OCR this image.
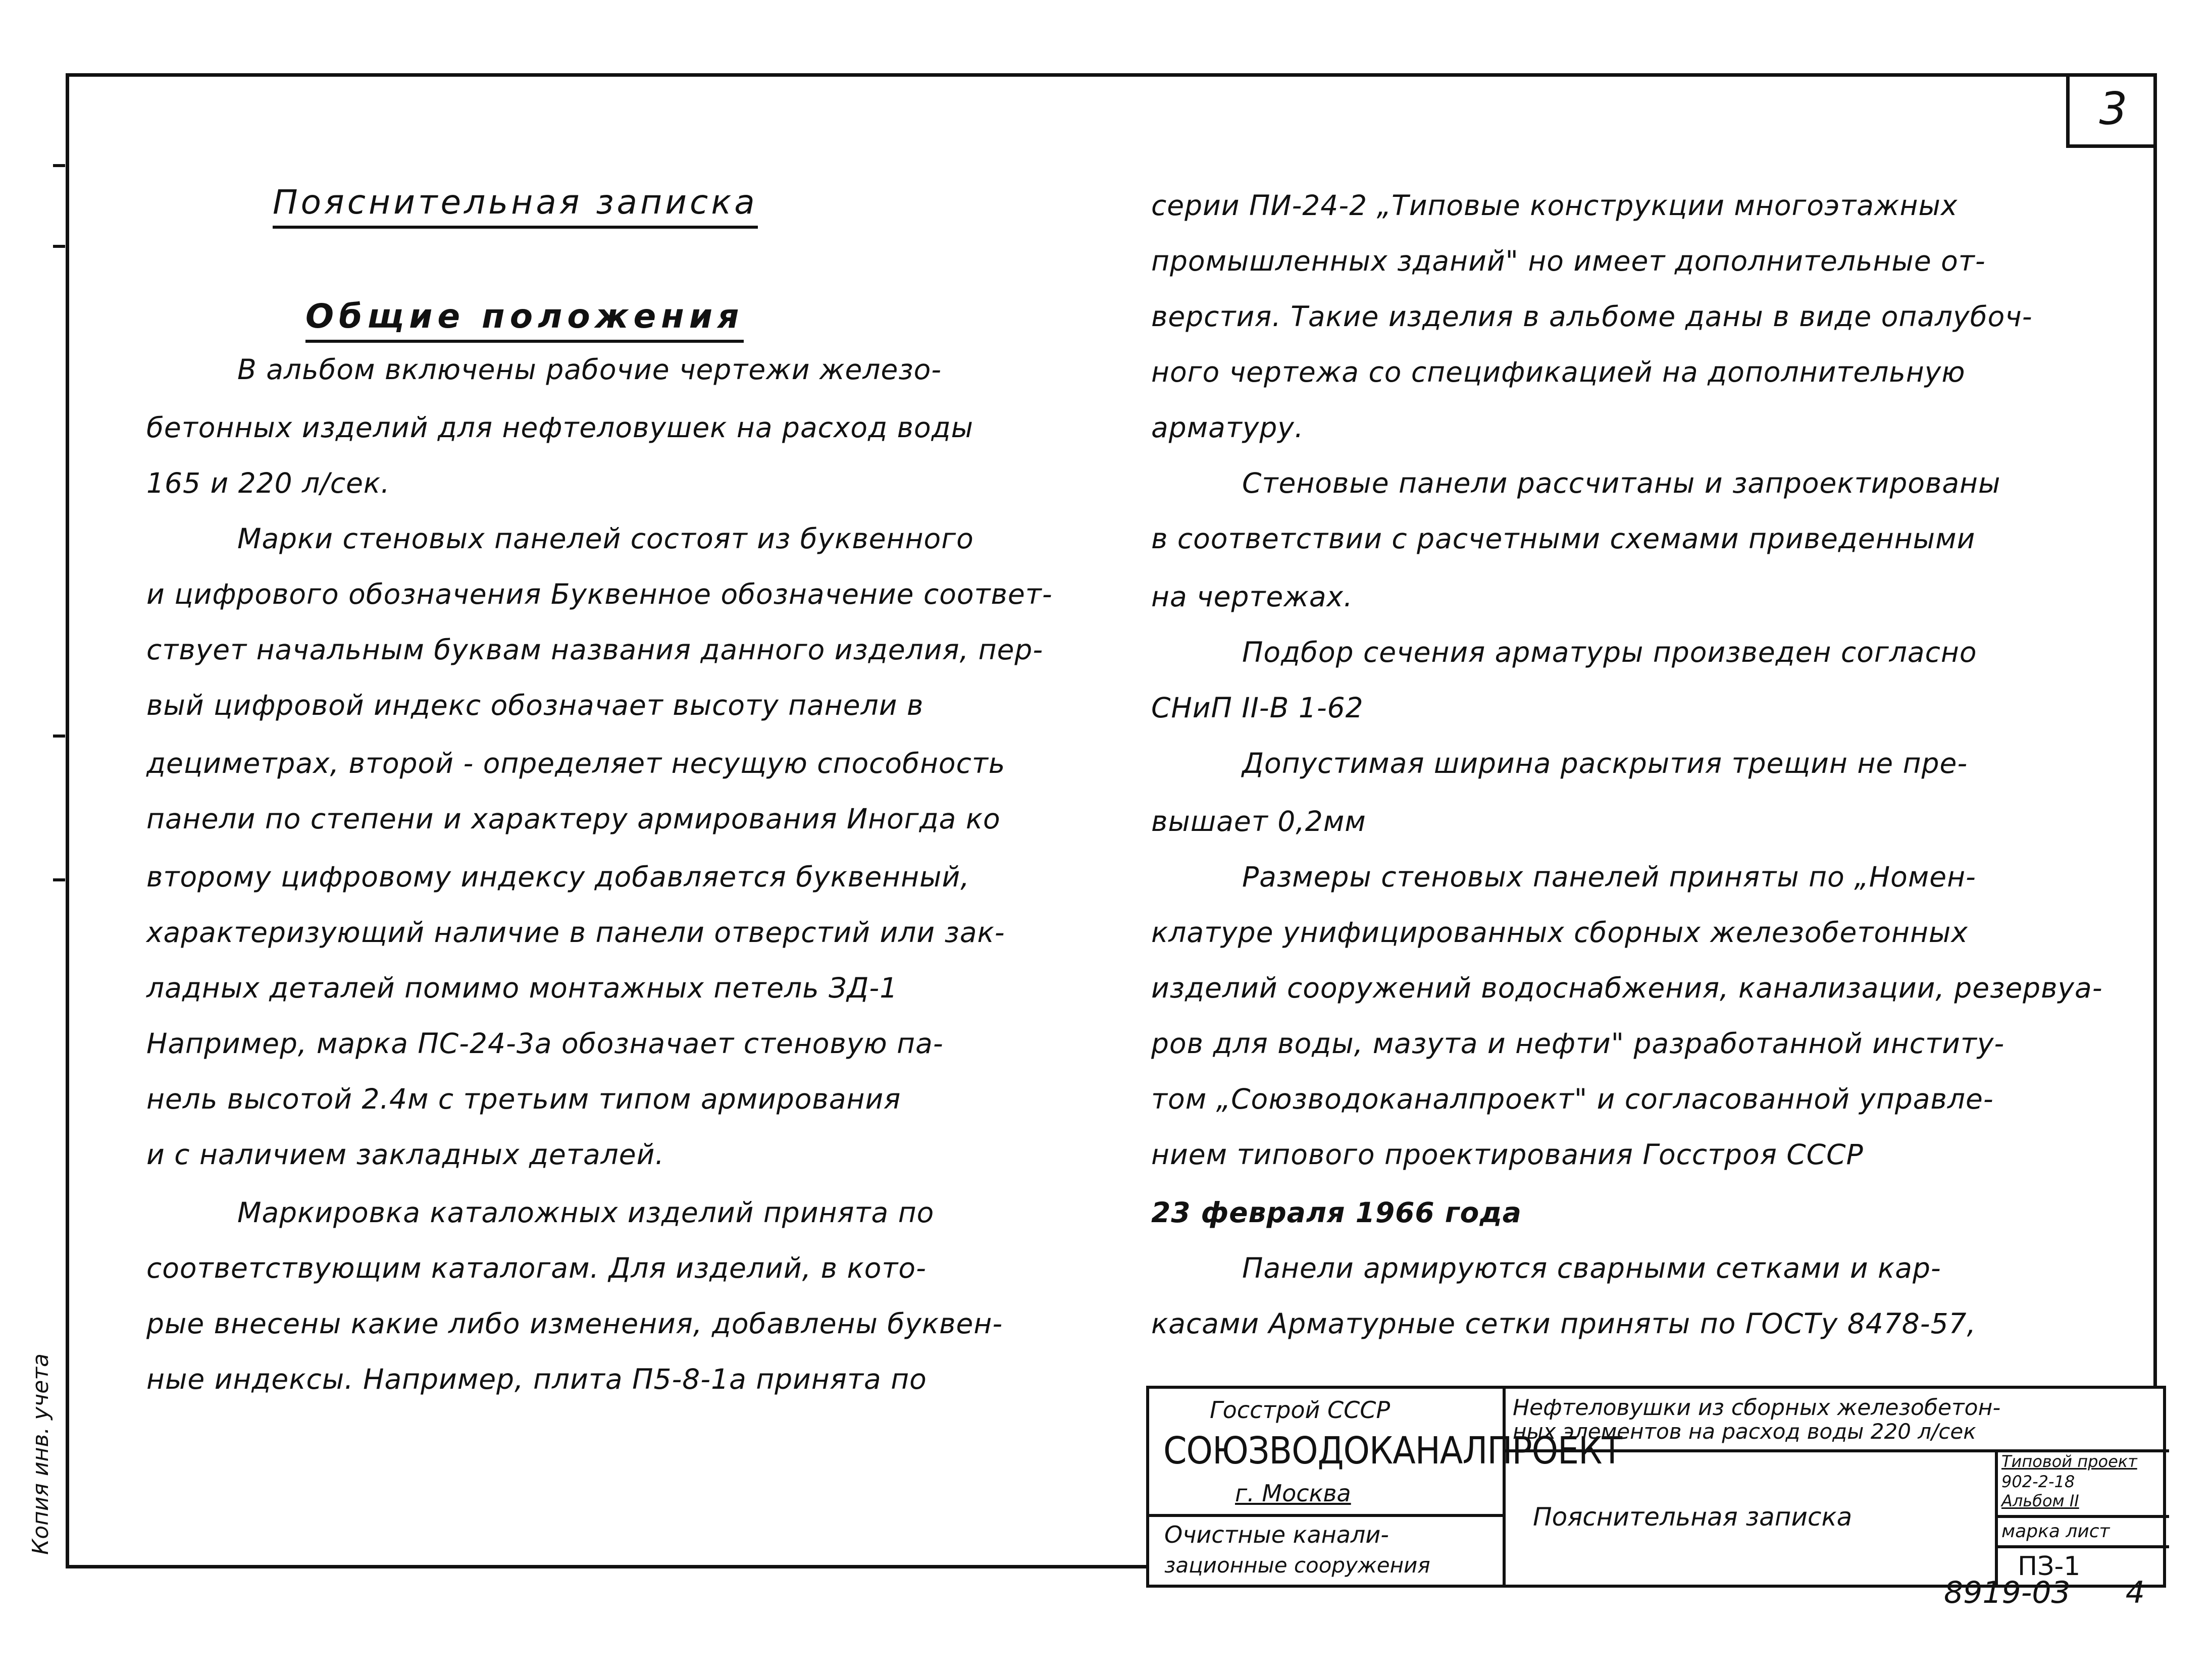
3
Пояснительная записка
Общие положения
В альбом включены рабочие чертежи железо-
бетонных изделий для нефтеловушек на расход воды
165 и 220 л/сек.
Марки стеновых панелей состоят из буквенного
и цифрового обозначения Буквенное обозначение соответ-
ствует начальным буквам названия данного изделия, пер-
вый цифровой индекс обозначает высоту панели в
дециметрах, второй - определяет несущую способность
панели по степени и характеру армирования Иногда ко
второму цифровому индексу добавляется буквенный,
характеризующий наличие в панели отверстий или зак-
ладных деталей помимо монтажных петель ЗД-1
Например, марка ПС-24-3а обозначает стеновую па-
нель высотой 2.4м с третьим типом армирования
и с наличием закладных деталей.
Маркировка каталожных изделий принята по
соответствующим каталогам. Для изделий, в кото-
рые внесены какие либо изменения, добавлены буквен-
ные индексы. Например, плита П5-8-1а принята по
серии ПИ-24-2 „Типовые конструкции многоэтажных
промышленных зданий" но имеет дополнительные от-
верстия. Такие изделия в альбоме даны в виде опалубоч-
ного чертежа со спецификацией на дополнительную
арматуру.
Стеновые панели рассчитаны и запроектированы
в соответствии с расчетными схемами приведенными
на чертежах.
Подбор сечения арматуры произведен согласно
СНиП II-В 1-62
Допустимая ширина раскрытия трещин не пре-
вышает 0,2мм
Размеры стеновых панелей приняты по „Номен-
клатуре унифицированных сборных железобетонных
изделий сооружений водоснабжения, канализации, резервуа-
ров для воды, мазута и нефти" разработанной институ-
том „Союзводоканалпроект" и согласованной управле-
нием типового проектирования Госстроя СССР
23 февраля 1966 года
Панели армируются сварными сетками и кар-
касами Арматурные сетки приняты по ГОСТу 8478-57,
Госстрой СССР
СОЮЗВОДОКАНАЛПРОЕКТ
г. Москва
Очистные канали-
зационные сооружения
Нефтеловушки из сборных железобетон-
ных элементов на расход воды 220 л/сек
Пояснительная записка
Типовой проект
902-2-18
Альбом II
марка лист
ПЗ-1
8919-03 4
Копия инв. учета
